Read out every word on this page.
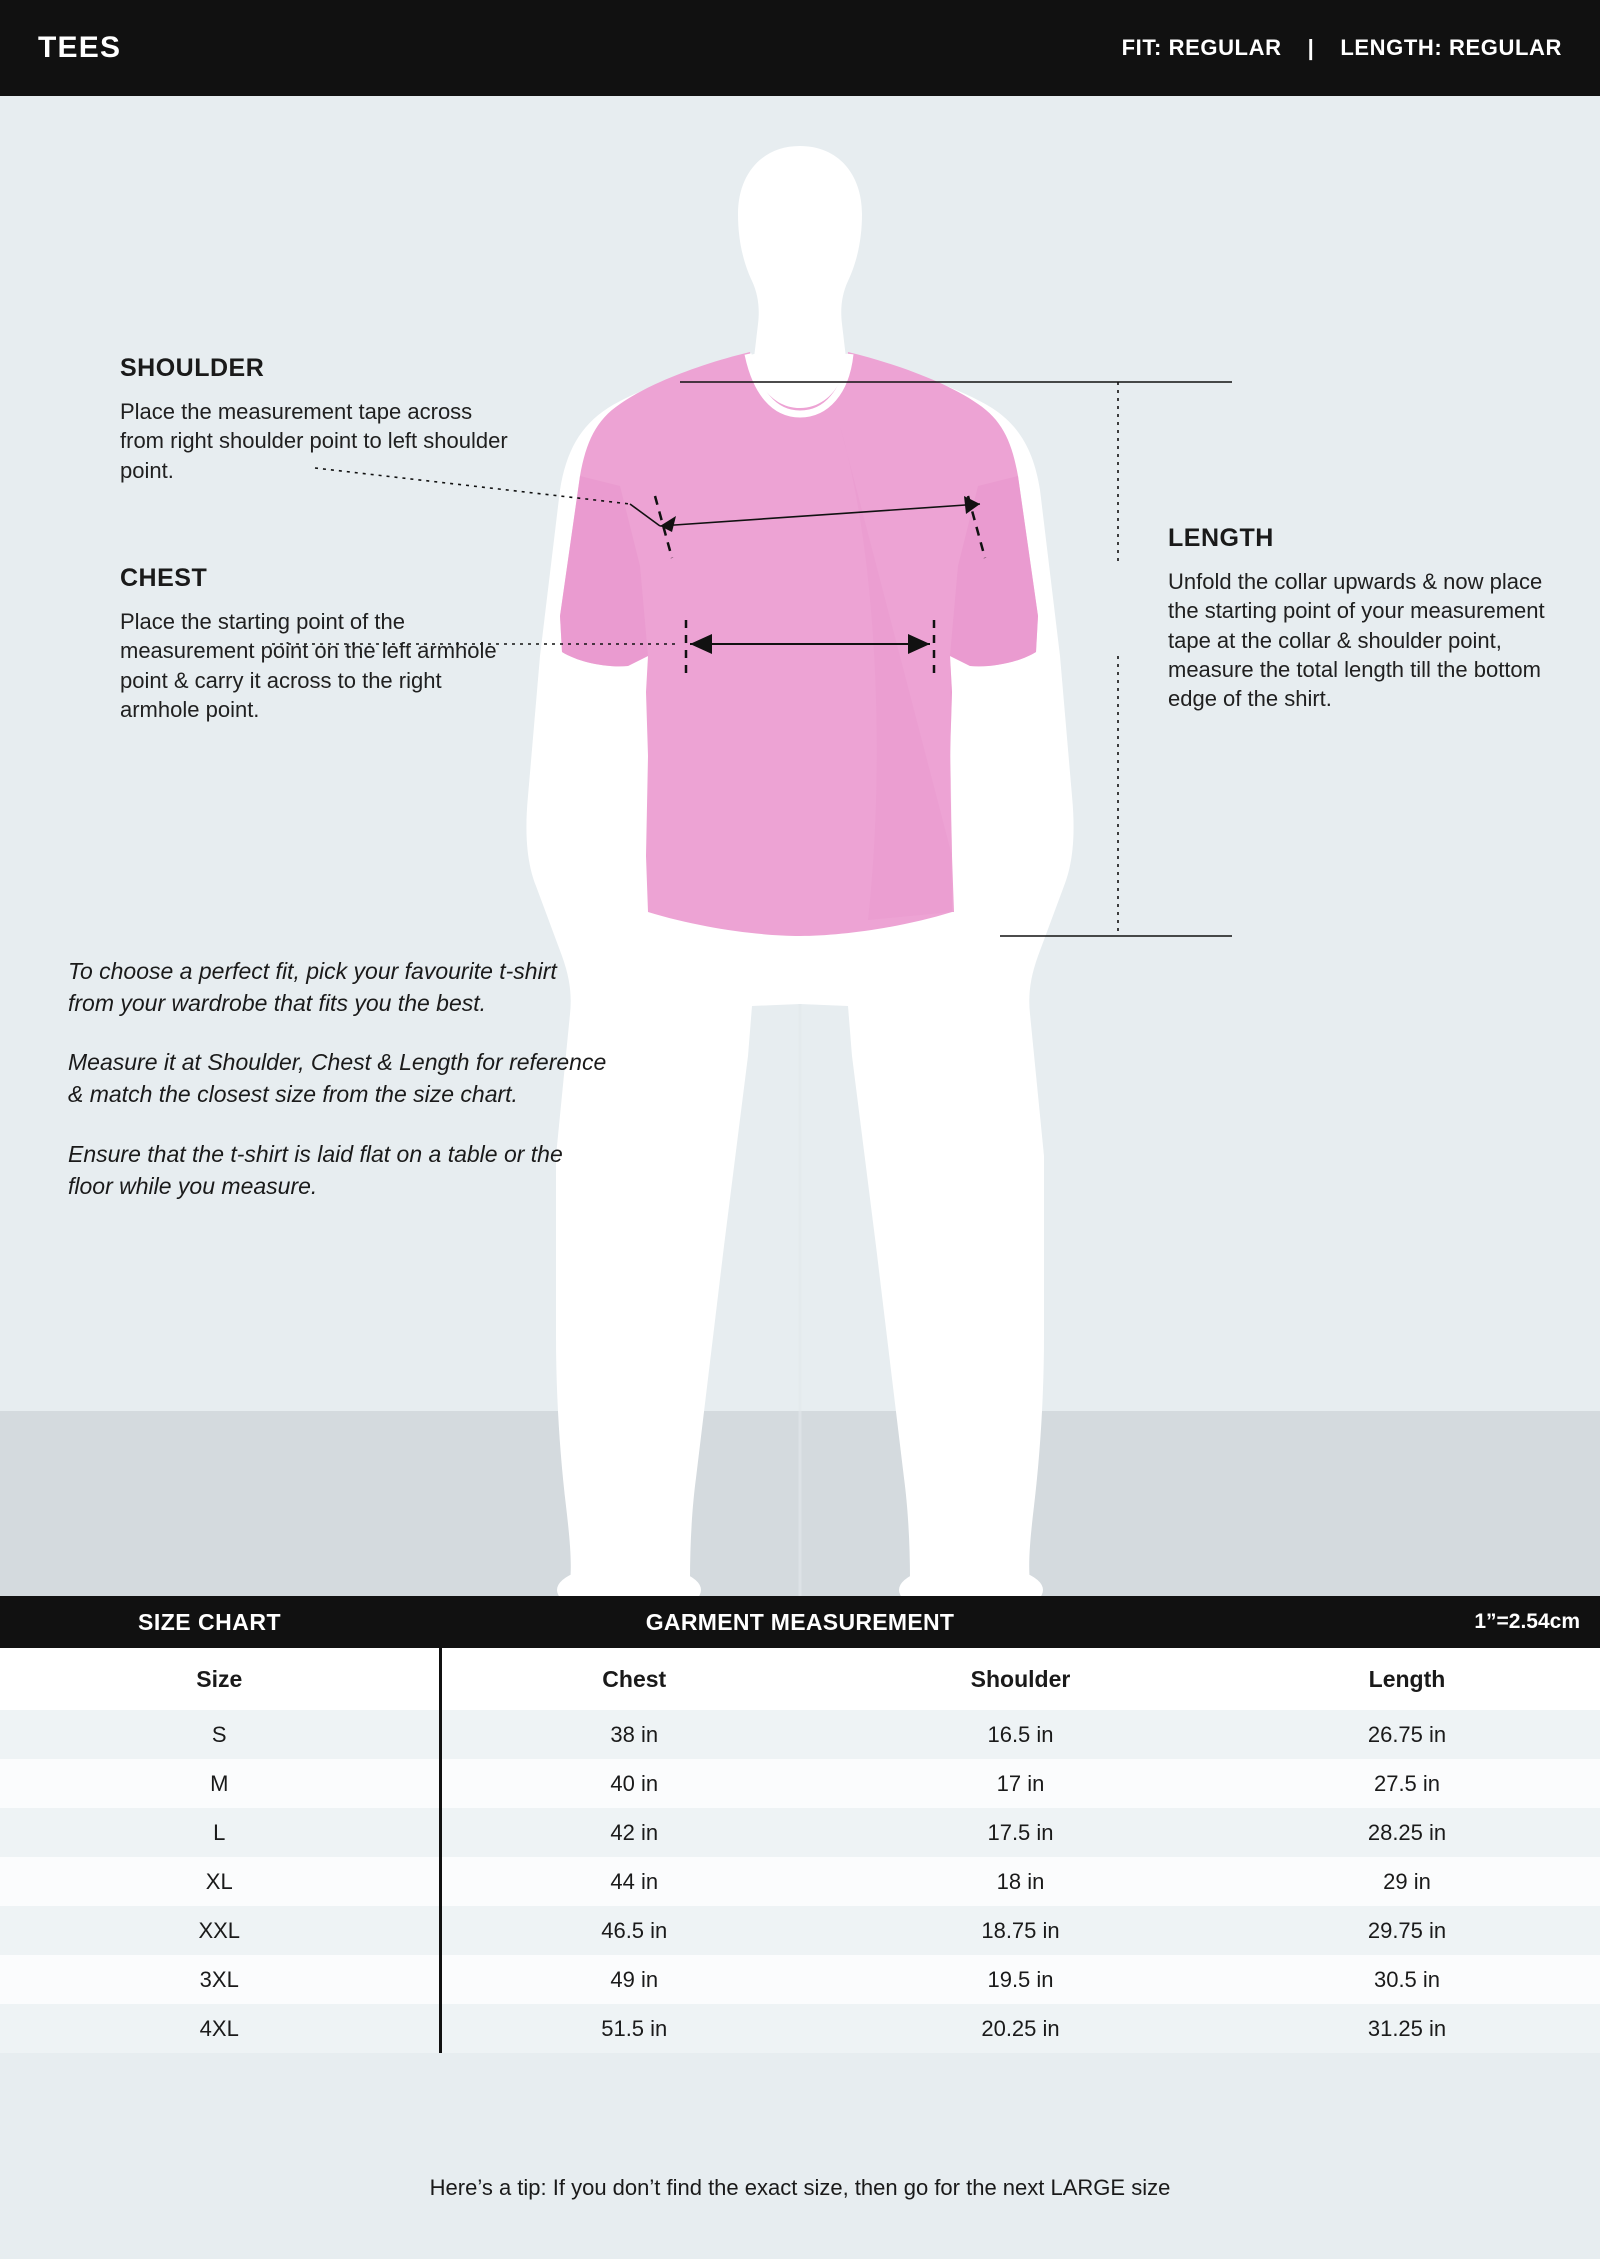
TEES	FIT: REGULAR | LENGTH: REGULAR
SHOULDER

Place the measurement tape across from right shoulder point to left shoulder point.

CHEST

Place the starting point of the measurement point on the left armhole point & carry it across to the right armhole point.

LENGTH

Unfold the collar upwards & now place the starting point of your measurement tape at the collar & shoulder point, measure the total length till the bottom edge of the shirt.

To choose a perfect fit, pick your favourite t-shirt from your wardrobe that fits you the best.

Measure it at Shoulder, Chest & Length for reference & match the closest size from the size chart.

Ensure that the t-shirt is laid flat on a table or the floor while you measure.

SIZE CHART	GARMENT MEASUREMENT	1”=2.54cm
Size	Chest	Shoulder	Length
S	38 in	16.5 in	26.75 in
M	40 in	17 in	27.5 in
L	42 in	17.5 in	28.25 in
XL	44 in	18 in	29 in
XXL	46.5 in	18.75 in	29.75 in
3XL	49 in	19.5 in	30.5 in
4XL	51.5 in	20.25 in	31.25 in
Here’s a tip: If you don’t find the exact size, then go for the next LARGE size
